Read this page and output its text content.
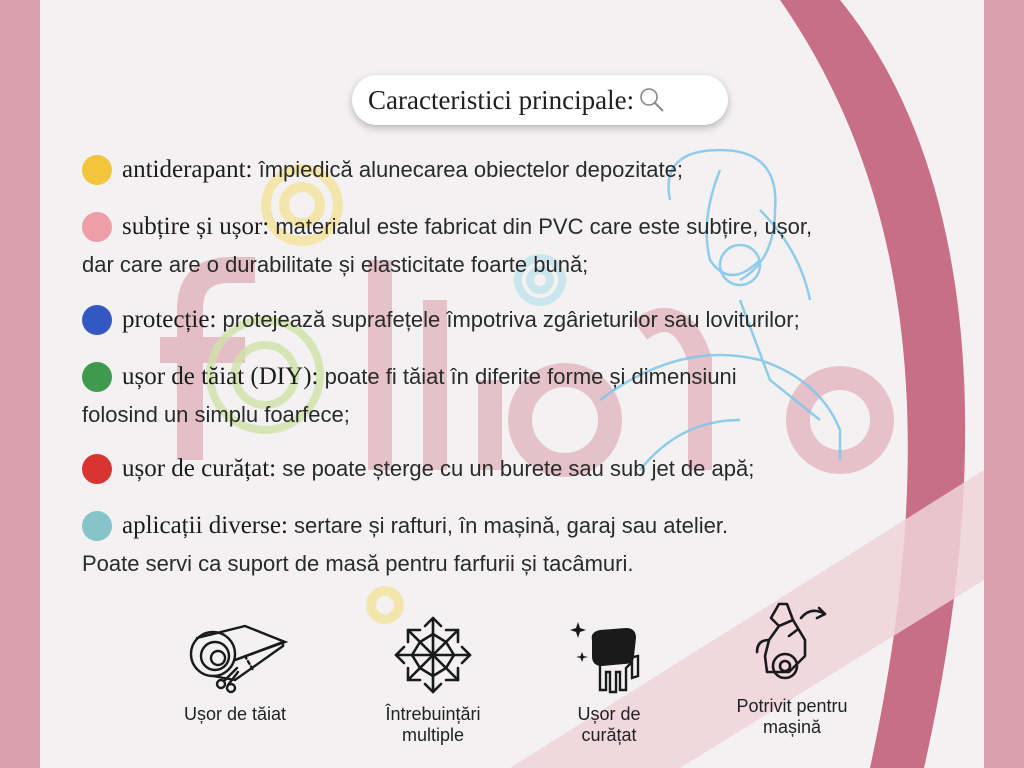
Caracteristici principale:
antiderapant: împiedică alunecarea obiectelor depozitate;
subțire și ușor: materialul este fabricat din PVC care este subțire, ușor,
dar care are o durabilitate și elasticitate foarte bună;
protecție: protejează suprafețele împotriva zgârieturilor sau loviturilor;
ușor de tăiat (DIY): poate fi tăiat în diferite forme și dimensiuni
folosind un simplu foarfece;
ușor de curățat: se poate șterge cu un burete sau sub jet de apă;
aplicații diverse: sertare și rafturi, în mașină, garaj sau atelier.
Poate servi ca suport de masă pentru farfurii și tacâmuri.
Ușor de tăiat	Întrebuințări
multiple
Ușor de
curățat
Potrivit pentru
mașină
